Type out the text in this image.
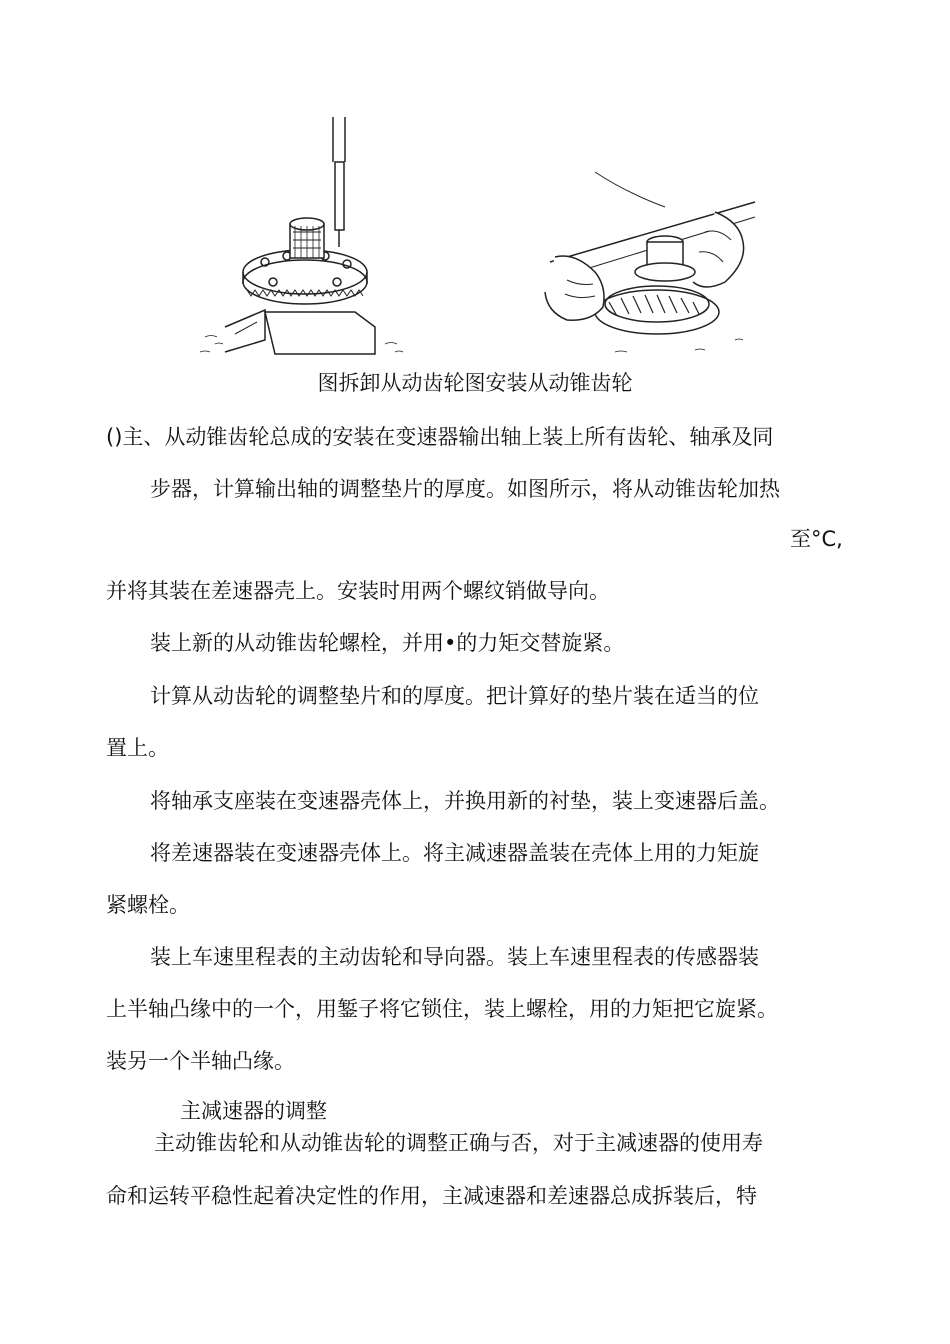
图拆卸从动齿轮图安装从动锥齿轮
()主、从动锥齿轮总成的安装在变速器输出轴上装上所有齿轮、轴承及同
步器，计算输出轴的调整垫片的厚度。如图所示，将从动锥齿轮加热
至°C,
并将其装在差速器壳上。安装时用两个螺纹销做导向。
装上新的从动锥齿轮螺栓，并用•的力矩交替旋紧。
计算从动齿轮的调整垫片和的厚度。把计算好的垫片装在适当的位
置上。
将轴承支座装在变速器壳体上，并换用新的衬垫，装上变速器后盖。
将差速器装在变速器壳体上。将主减速器盖装在壳体上用的力矩旋
紧螺栓。
装上车速里程表的主动齿轮和导向器。装上车速里程表的传感器装
上半轴凸缘中的一个，用錾子将它锁住，装上螺栓，用的力矩把它旋紧。
装另一个半轴凸缘。
主减速器的调整
主动锥齿轮和从动锥齿轮的调整正确与否，对于主减速器的使用寿
命和运转平稳性起着决定性的作用，主减速器和差速器总成拆装后，特
